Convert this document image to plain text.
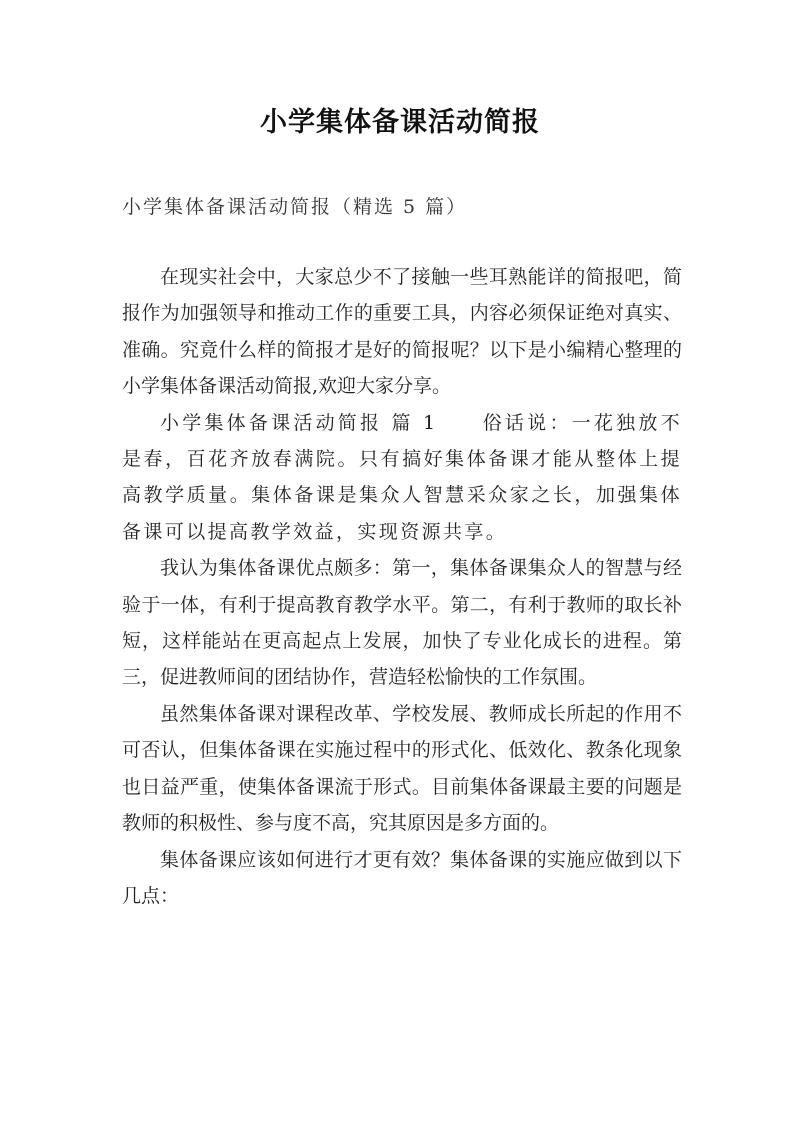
小学集体备课活动简报
小学集体备课活动简报（精选 5 篇）

在现实社会中，大家总少不了接触一些耳熟能详的简报吧，简报作为加强领导和推动工作的重要工具，内容必须保证绝对真实、准确。究竟什么样的简报才是好的简报呢？以下是小编精心整理的小学集体备课活动简报,欢迎大家分享。

小学集体备课活动简报 篇 1　　俗话说：一花独放不是春，百花齐放春满院。只有搞好集体备课才能从整体上提高教学质量。集体备课是集众人智慧采众家之长，加强集体备课可以提高教学效益，实现资源共享。

我认为集体备课优点颇多：第一，集体备课集众人的智慧与经验于一体，有利于提高教育教学水平。第二，有利于教师的取长补短，这样能站在更高起点上发展，加快了专业化成长的进程。第三，促进教师间的团结协作，营造轻松愉快的工作氛围。

虽然集体备课对课程改革、学校发展、教师成长所起的作用不可否认，但集体备课在实施过程中的形式化、低效化、教条化现象也日益严重，使集体备课流于形式。目前集体备课最主要的问题是教师的积极性、参与度不高，究其原因是多方面的。

集体备课应该如何进行才更有效？集体备课的实施应做到以下几点：
